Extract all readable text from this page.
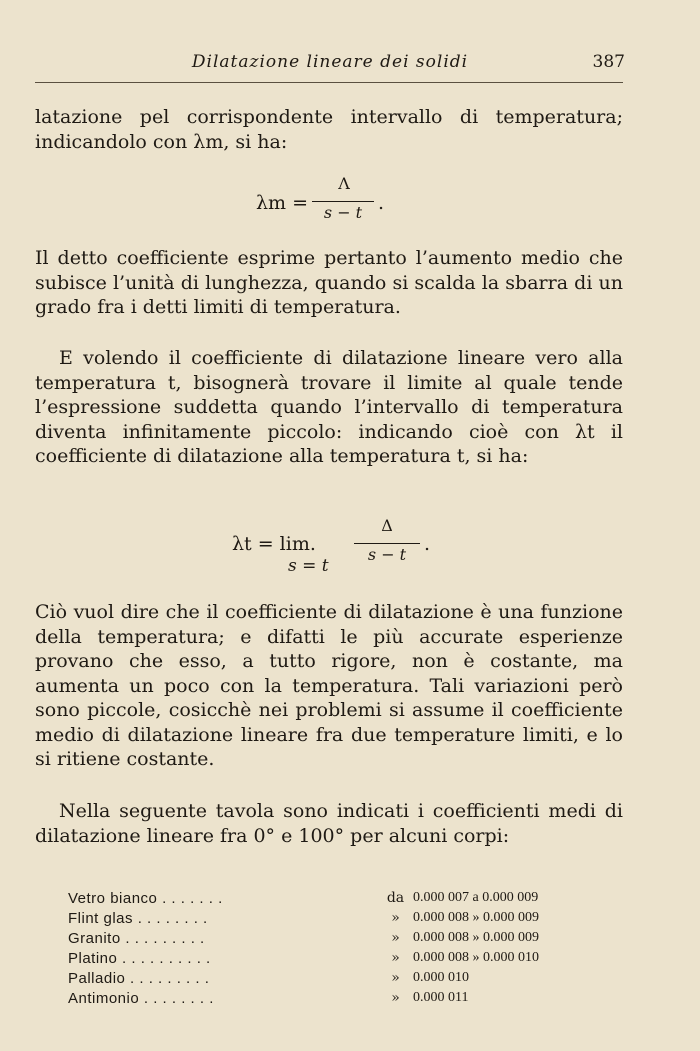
Dilatazione lineare dei solidi	387

latazione pel corrispondente intervallo di temperatura; indicandolo con λm, si ha:

λm =
Λ
s − t .

Il detto coefficiente esprime pertanto l’aumento medio che subisce l’unità di lunghezza, quando si scalda la sbarra di un grado fra i detti limiti di temperatura.

E volendo il coefficiente di dilatazione lineare vero alla temperatura t, bisognerà trovare il limite al quale tende l’espressione suddetta quando l’intervallo di temperatura diventa infinitamente piccolo: indicando cioè con λt il coefficiente di dilatazione alla temperatura t, si ha:

λt = lim.
s = t
Δ
s − t .

Ciò vuol dire che il coefficiente di dilatazione è una funzione della temperatura; e difatti le più accurate esperienze provano che esso, a tutto rigore, non è costante, ma aumenta un poco con la temperatura. Tali variazioni però sono piccole, cosicchè nei problemi si assume il coefficiente medio di dilatazione lineare fra due temperature limiti, e lo si ritiene costante.

Nella seguente tavola sono indicati i coefficienti medi di dilatazione lineare fra 0° e 100° per alcuni corpi:

Vetro bianco . . . . . . .	da	0.000 007 a 0.000 009
Flint glas . . . . . . . .	»	0.000 008 » 0.000 009
Granito . . . . . . . . .	»	0.000 008 » 0.000 009
Platino . . . . . . . . . .	»	0.000 008 » 0.000 010
Palladio . . . . . . . . .	»	0.000 010
Antimonio . . . . . . . .	»	0.000 011
